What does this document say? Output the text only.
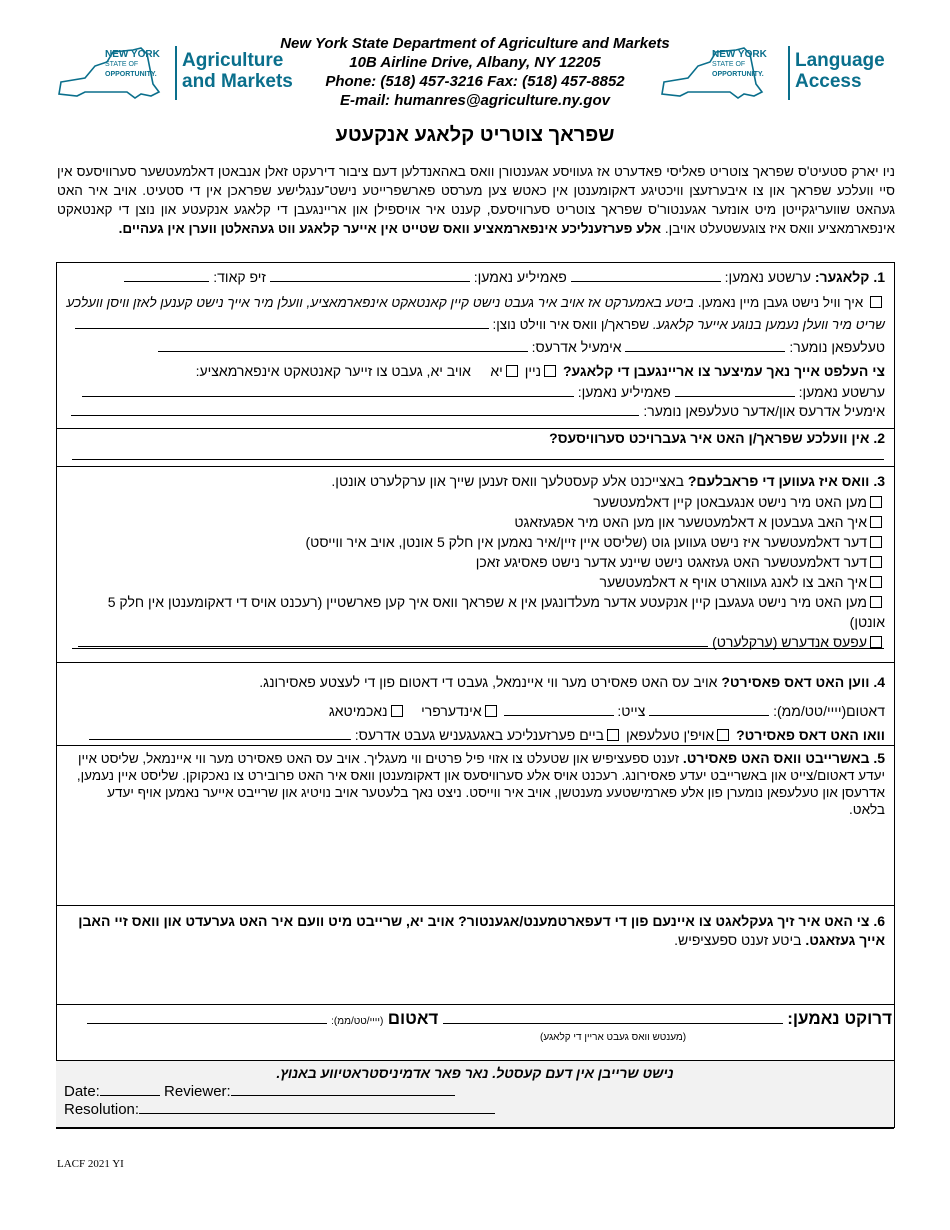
NEW YORK
STATE OF
OPPORTUNITY.
Agriculture
and Markets
New York State Department of Agriculture and Markets
10B Airline Drive, Albany, NY 12205
Phone: (518) 457-3216 Fax: (518) 457-8852
E-mail: humanres@agriculture.ny.gov
NEW YORK
STATE OF
OPPORTUNITY.
Language
Access
שפראך צוטריט קלאגע אנקעטע
ניו יארק סטעיט'ס שפראך צוטריט פאליסי פאדערט אז געוויסע אגענטורן וואס באהאנדלען דעם ציבור דירעקט זאלן אנבאטן דאלמעטשער סערוויסעס אין סיי וועלכע שפראך און צו איבערזעצן וויכטיגע דאקומענטן אין כאטש צען מערסט פארשפרייטע נישט־ענגלישע שפראכן אין די סטעיט. אויב איר האט געהאט שוועריגקייטן מיט אונזער אגענטור'ס שפראך צוטריט סערוויסעס, קענט איר אויספילן און אריינגעבן די קלאגע אנקעטע און נוצן די קאנטאקט אינפארמאציע וואס איז צוגעשטעלט אויבן. אלע פערזענליכע אינפארמאציע וואס שטייט אין אייער קלאגע ווט געהאלטן ווערן אין געהיים.
1. קלאגער: ערשטע נאמען:  פאמיליע נאמען:  זיפ קאוד:
איך וויל נישט געבן מיין נאמען. ביטע באמערקט אז אויב איר געבט נישט קיין קאנטאקט אינפארמאציע, וועלן מיר אייך נישט קענען לאזן וויסן וועלכע שריט מיר וועלן נעמען בנוגע אייער קלאגע. שפראך/ן וואס איר ווילט נוצן:
טעלעפאן נומער:  אימעיל אדרעס:
צי העלפט אייך נאך עמיצער צו אריינגעבן די קלאגע? ניין יא     אויב יא, געבט צו זייער קאנטאקט אינפארמאציע:
ערשטע נאמען:  פאמיליע נאמען:
אימעיל אדרעס און/אדער טעלעפאן נומער:
2. אין וועלכע שפראך/ן האט איר געברויכט סערוויסעס?
3. וואס איז געווען די פראבלעם? באצייכנט אלע קעסטלעך וואס זענען שייך און ערקלערט אונטן.
מען האט מיר נישט אנגעבאטן קיין דאלמעטשער
איך האב געבעטן א דאלמעטשער און מען האט מיר אפגעזאגט
דער דאלמעטשער איז נישט געווען גוט (שליסט איין זיין/איר נאמען אין חלק 5 אונטן, אויב איר ווייסט)
דער דאלמעטשער האט געזאגט נישט שיינע אדער נישט פאסיגע זאכן
איך האב צו לאנג געווארט אויף א דאלמעטשער
מען האט מיר נישט געגעבן קיין אנקעטע אדער מעלדונגען אין א שפראך וואס איך קען פארשטיין (רעכנט אויס די דאקומענטן אין חלק 5 אונטן)
עפעס אנדערש (ערקלערט)
4. ווען האט דאס פאסירט? אויב עס האט פאסירט מער ווי איינמאל, געבט די דאטום פון די לעצטע פאסירונג.
דאטום(יייי/טט/ממ):  צייט:  אינדערפרי    נאכמיטאג
וואו האט דאס פאסירט? אויפ'ן טעלעפאן ביים פערזענליכע באגעגעניש געבט אדרעס:
5. באשרייבט וואס האט פאסירט. זענט ספעציפיש און שטעלט צו אזוי פיל פרטים ווי מעגליך. אויב עס האט פאסירט מער ווי איינמאל, שליסט איין יעדע דאטום/צייט און באשרייבט יעדע פאסירונג. רעכנט אויס אלע סערוויסעס און דאקומענטן וואס איר האט פרובירט צו נאכקוקן. שליסט איין נעמען, אדרעסן און טעלעפאן נומערן פון אלע פארמישטעע מענטשן, אויב איר ווייסט. ניצט נאך בלעטער אויב נויטיג און שרייבט אייער נאמען אויף יעדע בלאט.
6. צי האט איר זיך געקלאגט צו איינעם פון די דעפארטמענט/אגענטור? אויב יא, שרייבט מיט וועם איר האט גערעדט און וואס זיי האבן אייך געזאגט. ביטע זענט ספעציפיש.
דרוקט נאמען:  דאטום (יייי/טט/ממ):
(מענטש וואס געבט אריין די קלאגע)
נישט שרייבן אין דעם קעסטל. נאר פאר אדמיניסטראטיווע באנוץ.
Date:	Reviewer:
Resolution:
LACF 2021 YI
